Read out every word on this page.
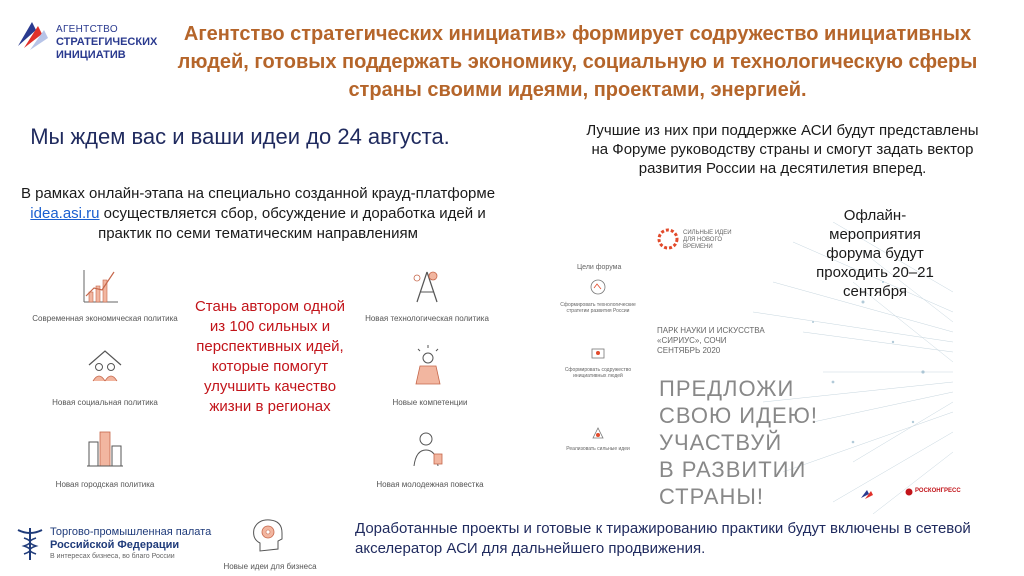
АГЕНТСТВО
СТРАТЕГИЧЕСКИХ
ИНИЦИАТИВ
Агентство стратегических инициатив» формирует содружество инициативных людей, готовых поддержать экономику, социальную и технологическую сферы страны своими идеями, проектами, энергией.
Мы ждем вас и ваши идеи до 24 августа.
В рамках онлайн-этапа на специально созданной крауд-платформе idea.asi.ru осуществляется сбор, обсуждение и доработка идей и практик по семи тематическим направлениям
Лучшие из них при поддержке АСИ будут представлены на Форуме руководству страны и смогут задать вектор развития России на десятилетия вперед.
Современная экономическая политика	Новая технологическая политика
Новая социальная политика	Новые компетенции
Новая городская политика	Новая молодежная повестка
Новые идеи для бизнеса
Стань автором одной из 100 сильных и перспективных идей, которые помогут улучшить качество жизни в регионах
СИЛЬНЫЕ ИДЕИ ДЛЯ НОВОГО ВРЕМЕНИ
Цели форума
Сформировать технологические стратегии развития России
Сформировать содружество инициативных людей
Реализовать сильные идеи
ПАРК НАУКИ И ИСКУССТВА
«СИРИУС», СОЧИ
СЕНТЯБРЬ 2020
ПРЕДЛОЖИ
СВОЮ ИДЕЮ!
УЧАСТВУЙ
В РАЗВИТИИ
СТРАНЫ!	РОСКОНГРЕСС
Офлайн-мероприятия форума будут проходить 20–21 сентября
Доработанные проекты и готовые к тиражированию практики будут включены в сетевой акселератор АСИ для дальнейшего продвижения.
Торгово-промышленная палата
Российской Федерации
В интересах бизнеса, во благо России
